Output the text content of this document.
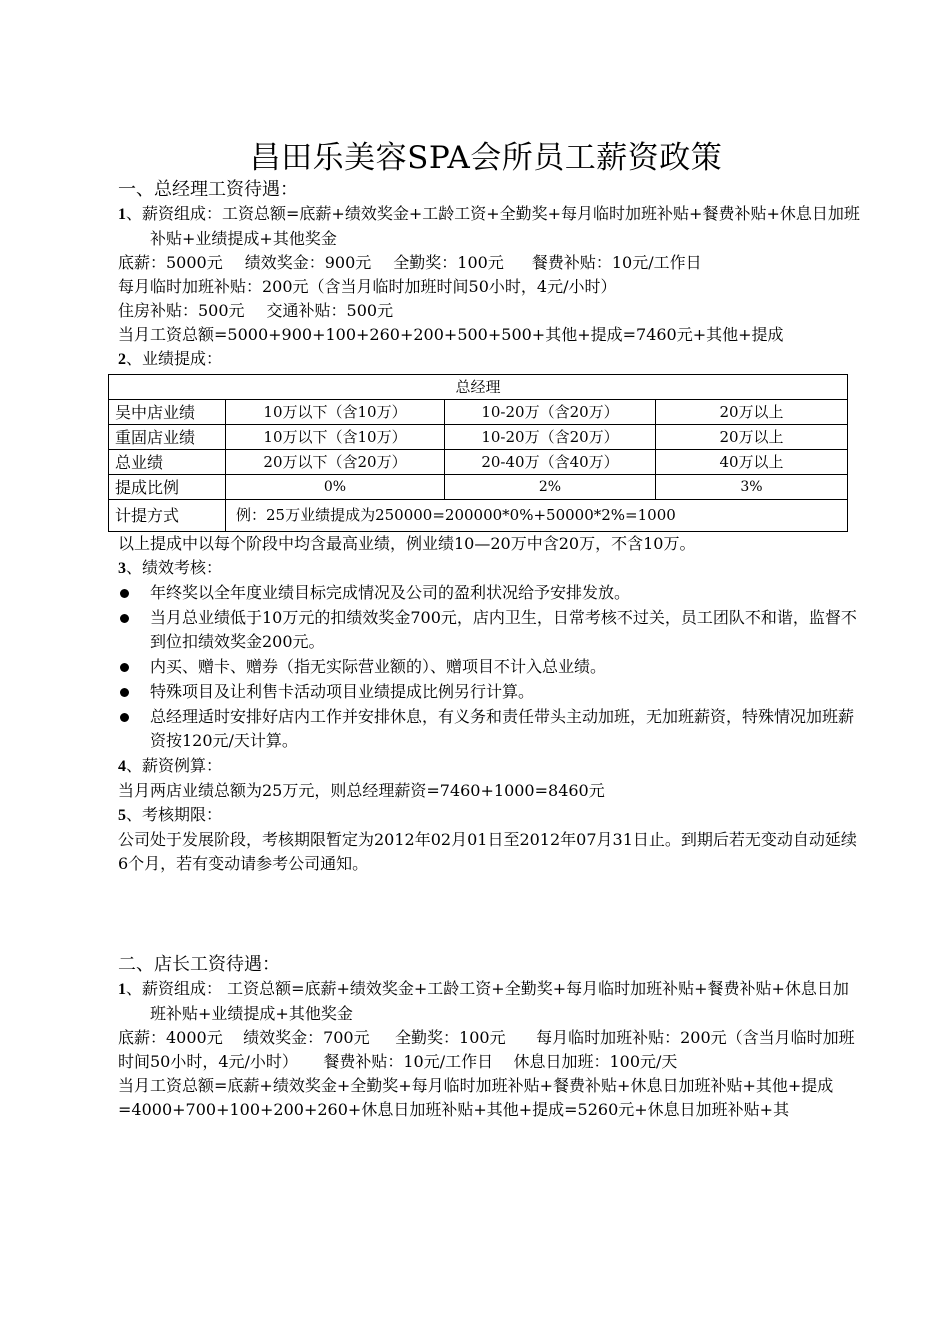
昌田乐美容SPA会所员工薪资政策
一、总经理工资待遇：
1、薪资组成：工资总额=底薪+绩效奖金+工龄工资+全勤奖+每月临时加班补贴+餐费补贴+休息日加班补贴+业绩提成+其他奖金
底薪：5000元 绩效奖金：900元 全勤奖：100元 餐费补贴：10元/工作日
每月临时加班补贴：200元（含当月临时加班时间50小时，4元/小时）
住房补贴：500元 交通补贴：500元
当月工资总额=5000+900+100+260+200+500+500+其他+提成=7460元+其他+提成
2、业绩提成：
总经理			
吴中店业绩	10万以下（含10万）	10-20万（含20万）	20万以上
重固店业绩	10万以下（含10万）	10-20万（含20万）	20万以上
总业绩	20万以下（含20万）	20-40万（含40万）	40万以上
提成比例	0%	2%	3%
计提方式	例：25万业绩提成为250000=200000*0%+50000*2%=1000		
以上提成中以每个阶段中均含最高业绩，例业绩10—20万中含20万，不含10万。
3、绩效考核：
年终奖以全年度业绩目标完成情况及公司的盈利状况给予安排发放。
当月总业绩低于10万元的扣绩效奖金700元，店内卫生，日常考核不过关，员工团队不和谐，监督不到位扣绩效奖金200元。
内买、赠卡、赠券（指无实际营业额的）、赠项目不计入总业绩。
特殊项目及让利售卡活动项目业绩提成比例另行计算。
总经理适时安排好店内工作并安排休息，有义务和责任带头主动加班，无加班薪资，特殊情况加班薪资按120元/天计算。
4、薪资例算：
当月两店业绩总额为25万元，则总经理薪资=7460+1000=8460元
5、考核期限：
公司处于发展阶段，考核期限暂定为2012年02月01日至2012年07月31日止。到期后若无变动自动延续6个月，若有变动请参考公司通知。
二、店长工资待遇：
1、薪资组成： 工资总额=底薪+绩效奖金+工龄工资+全勤奖+每月临时加班补贴+餐费补贴+休息日加班补贴+业绩提成+其他奖金
底薪：4000元    绩效奖金：700元     全勤奖：100元      每月临时加班补贴：200元（含当月临时加班时间50小时，4元/小时）     餐费补贴：10元/工作日    休息日加班：100元/天
当月工资总额=底薪+绩效奖金+全勤奖+每月临时加班补贴+餐费补贴+休息日加班补贴+其他+提成
=4000+700+100+200+260+休息日加班补贴+其他+提成=5260元+休息日加班补贴+其
